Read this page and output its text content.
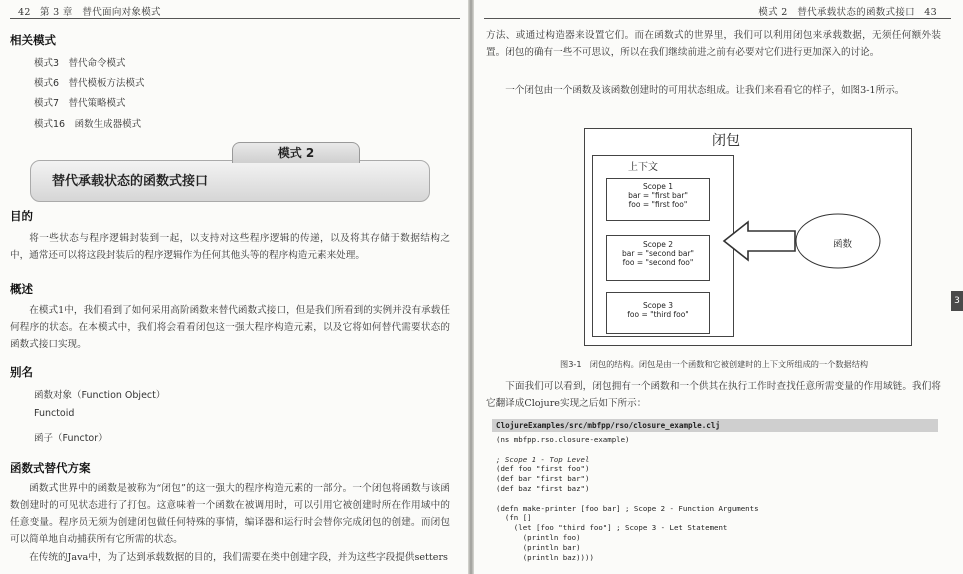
42 第 3 章　替代面向对象模式
相关模式
模式3　替代命令模式
模式6　替代模板方法模式
模式7　替代策略模式
模式16　函数生成器模式
模式 2
替代承载状态的函数式接口
目的
将一些状态与程序逻辑封装到一起，以支持对这些程序逻辑的传递，以及将其存储于数据结构之中，通常还可以将这段封装后的程序逻辑作为任何其他头等的程序构造元素来处理。
概述
在模式1中，我们看到了如何采用高阶函数来替代函数式接口，但是我们所看到的实例并没有承载任何程序的状态。在本模式中，我们将会看看闭包这一强大程序构造元素，以及它将如何替代需要状态的函数式接口实现。
别名
函数对象（Function Object）
Functoid
函子（Functor）
函数式替代方案
函数式世界中的函数是被称为“闭包”的这一强大的程序构造元素的一部分。一个闭包将函数与该函数创建时的可见状态进行了打包。这意味着一个函数在被调用时，可以引用它被创建时所在作用域中的任意变量。程序员无须为创建闭包做任何特殊的事情，编译器和运行时会替你完成闭包的创建。而闭包可以简单地自动捕获所有它所需的状态。
在传统的Java中，为了达到承载数据的目的，我们需要在类中创建字段，并为这些字段提供setters
模式 2　替代承载状态的函数式接口 43
方法、或通过构造器来设置它们。而在函数式的世界里，我们可以利用闭包来承载数据，无须任何额外装置。闭包的确有一些不可思议，所以在我们继续前进之前有必要对它们进行更加深入的讨论。
一个闭包由一个函数及该函数创建时的可用状态组成。让我们来看看它的样子，如图3-1所示。
下面我们可以看到，闭包拥有一个函数和一个供其在执行工作时查找任意所需变量的作用域链。我们将它翻译成Clojure实现之后如下所示：
3
闭包
上下文
Scope 1
bar = "first bar"
foo = "first foo"
Scope 2
bar = "second bar"
foo = "second foo"
Scope 3
foo = "third foo"
函数
图3-1　闭包的结构。闭包是由一个函数和它被创建时的上下文所组成的一个数据结构
ClojureExamples/src/mbfpp/rso/closure_example.clj
(ns mbfpp.rso.closure-example)
; Scope 1 - Top Level
(def foo "first foo")
(def bar "first bar")
(def baz "first baz")
(defn make-printer [foo bar] ; Scope 2 - Function Arguments
(fn []
(let [foo "third foo"] ; Scope 3 - Let Statement
(println foo)
(println bar)
(println baz))))
